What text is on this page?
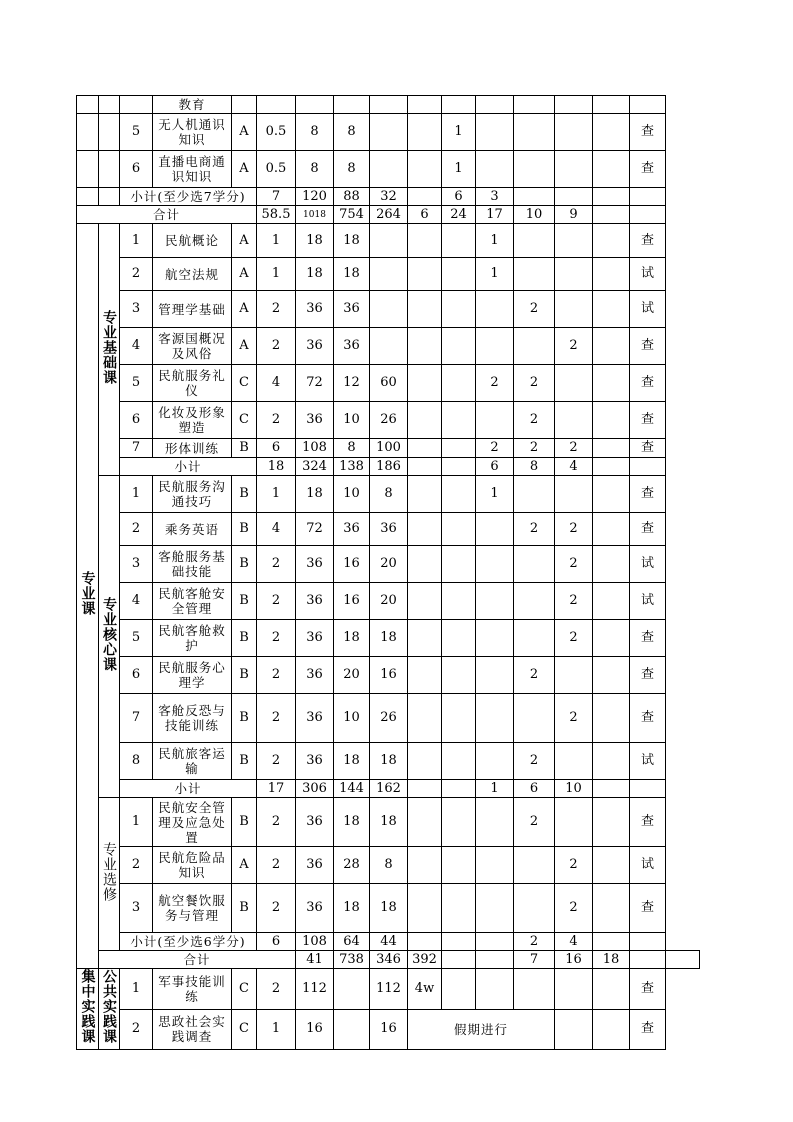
			教育													
		5	无人机通识知识	A	0.5	8	8			1					查	
		6	直播电商通识知识	A	0.5	8	8			1					查	
		小计(至少选7学分)			7	120	88	32		6	3					
合计					58.5	1018	754	264	6	24	17	10	9			
专业课	专业基础课	1	民航概论	A	1	18	18				1				查	
		2	航空法规	A	1	18	18				1				试	
		3	管理学基础	A	2	36	36					2			试	
		4	客源国概况及风俗	A	2	36	36						2		查	
		5	民航服务礼仪	C	4	72	12	60			2	2			查	
		6	化妆及形象塑造	C	2	36	10	26				2			查	
		7	形体训练	B	6	108	8	100			2	2	2		查	
		小计			18	324	138	186			6	8	4			
	专业核心课	1	民航服务沟通技巧	B	1	18	10	8			1				查	
		2	乘务英语	B	4	72	36	36				2	2		查	
		3	客舱服务基础技能	B	2	36	16	20					2		试	
		4	民航客舱安全管理	B	2	36	16	20					2		试	
		5	民航客舱救护	B	2	36	18	18					2		查	
		6	民航服务心理学	B	2	36	20	16				2			查	
		7	客舱反恐与技能训练	B	2	36	10	26					2		查	
		8	民航旅客运输	B	2	36	18	18				2			试	
		小计			17	306	144	162			1	6	10			
	专业选修	1	民航安全管理及应急处置	B	2	36	18	18				2			查	
		2	民航危险品知识	A	2	36	28	8					2		试	
		3	航空餐饮服务与管理	B	2	36	18	18					2		查	
		小计(至少选6学分)			6	108	64	44				2	4			
	合计					41	738	346	392			7	16	18		
集中实践课	公共实践课	1	军事技能训练	C	2	112		112	4w						查	
		2	思政社会实践调查	C	1	16		16	假期进行						查	
